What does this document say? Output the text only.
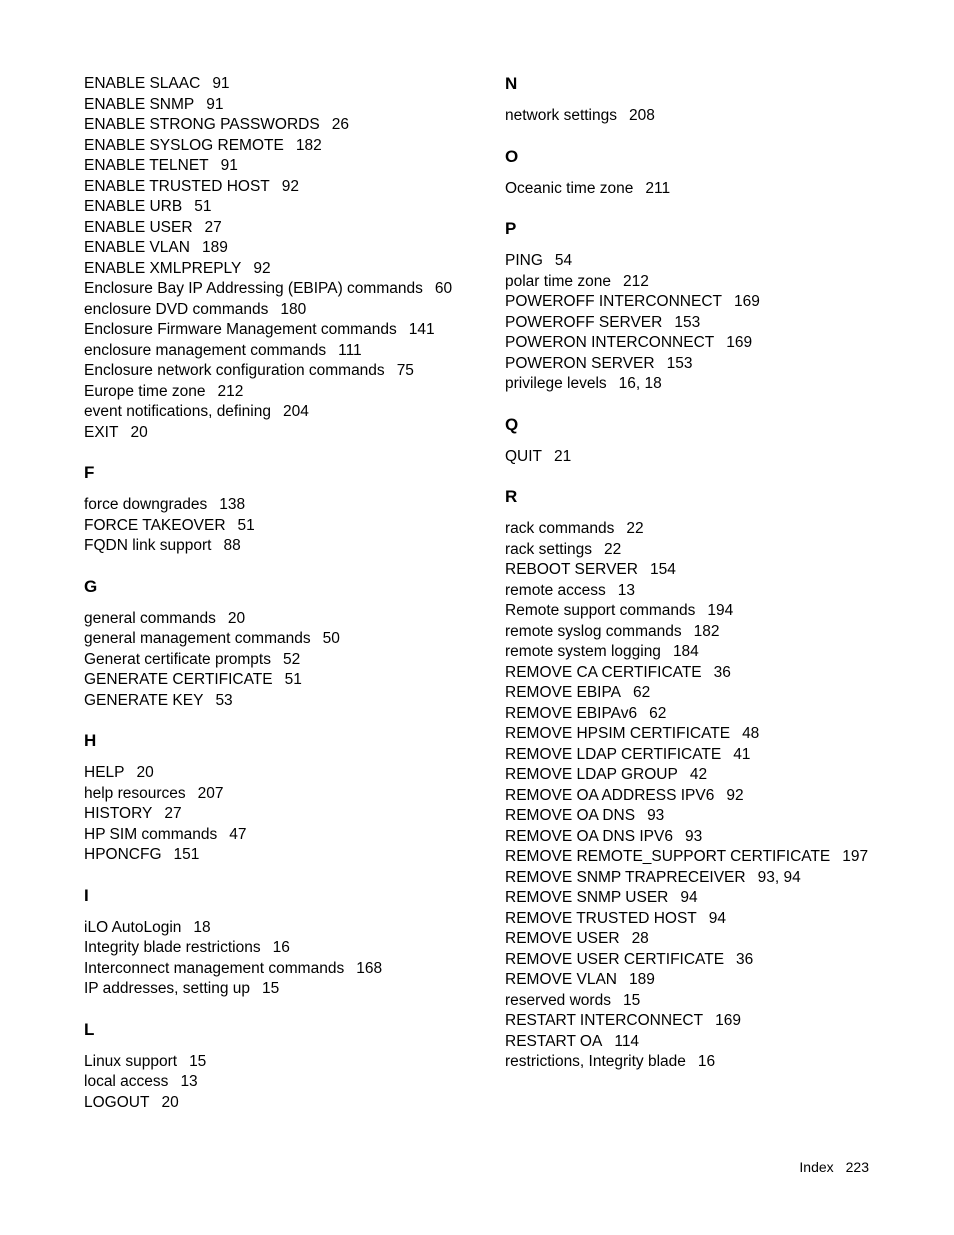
ENABLE SLAAC 91
ENABLE SNMP 91
ENABLE STRONG PASSWORDS 26
ENABLE SYSLOG REMOTE 182
ENABLE TELNET 91
ENABLE TRUSTED HOST 92
ENABLE URB 51
ENABLE USER 27
ENABLE VLAN 189
ENABLE XMLPREPLY 92
Enclosure Bay IP Addressing (EBIPA) commands 60
enclosure DVD commands 180
Enclosure Firmware Management commands 141
enclosure management commands 111
Enclosure network configuration commands 75
Europe time zone 212
event notifications, defining 204
EXIT 20
F
force downgrades 138
FORCE TAKEOVER 51
FQDN link support 88
G
general commands 20
general management commands 50
Generat certificate prompts 52
GENERATE CERTIFICATE 51
GENERATE KEY 53
H
HELP 20
help resources 207
HISTORY 27
HP SIM commands 47
HPONCFG 151
I
iLO AutoLogin 18
Integrity blade restrictions 16
Interconnect management commands 168
IP addresses, setting up 15
L
Linux support 15
local access 13
LOGOUT 20
N
network settings 208
O
Oceanic time zone 211
P
PING 54
polar time zone 212
POWEROFF INTERCONNECT 169
POWEROFF SERVER 153
POWERON INTERCONNECT 169
POWERON SERVER 153
privilege levels 16, 18
Q
QUIT 21
R
rack commands 22
rack settings 22
REBOOT SERVER 154
remote access 13
Remote support commands 194
remote syslog commands 182
remote system logging 184
REMOVE CA CERTIFICATE 36
REMOVE EBIPA 62
REMOVE EBIPAv6 62
REMOVE HPSIM CERTIFICATE 48
REMOVE LDAP CERTIFICATE 41
REMOVE LDAP GROUP 42
REMOVE OA ADDRESS IPV6 92
REMOVE OA DNS 93
REMOVE OA DNS IPV6 93
REMOVE REMOTE_SUPPORT CERTIFICATE 197
REMOVE SNMP TRAPRECEIVER 93, 94
REMOVE SNMP USER 94
REMOVE TRUSTED HOST 94
REMOVE USER 28
REMOVE USER CERTIFICATE 36
REMOVE VLAN 189
reserved words 15
RESTART INTERCONNECT 169
RESTART OA 114
restrictions, Integrity blade 16
Index 223
